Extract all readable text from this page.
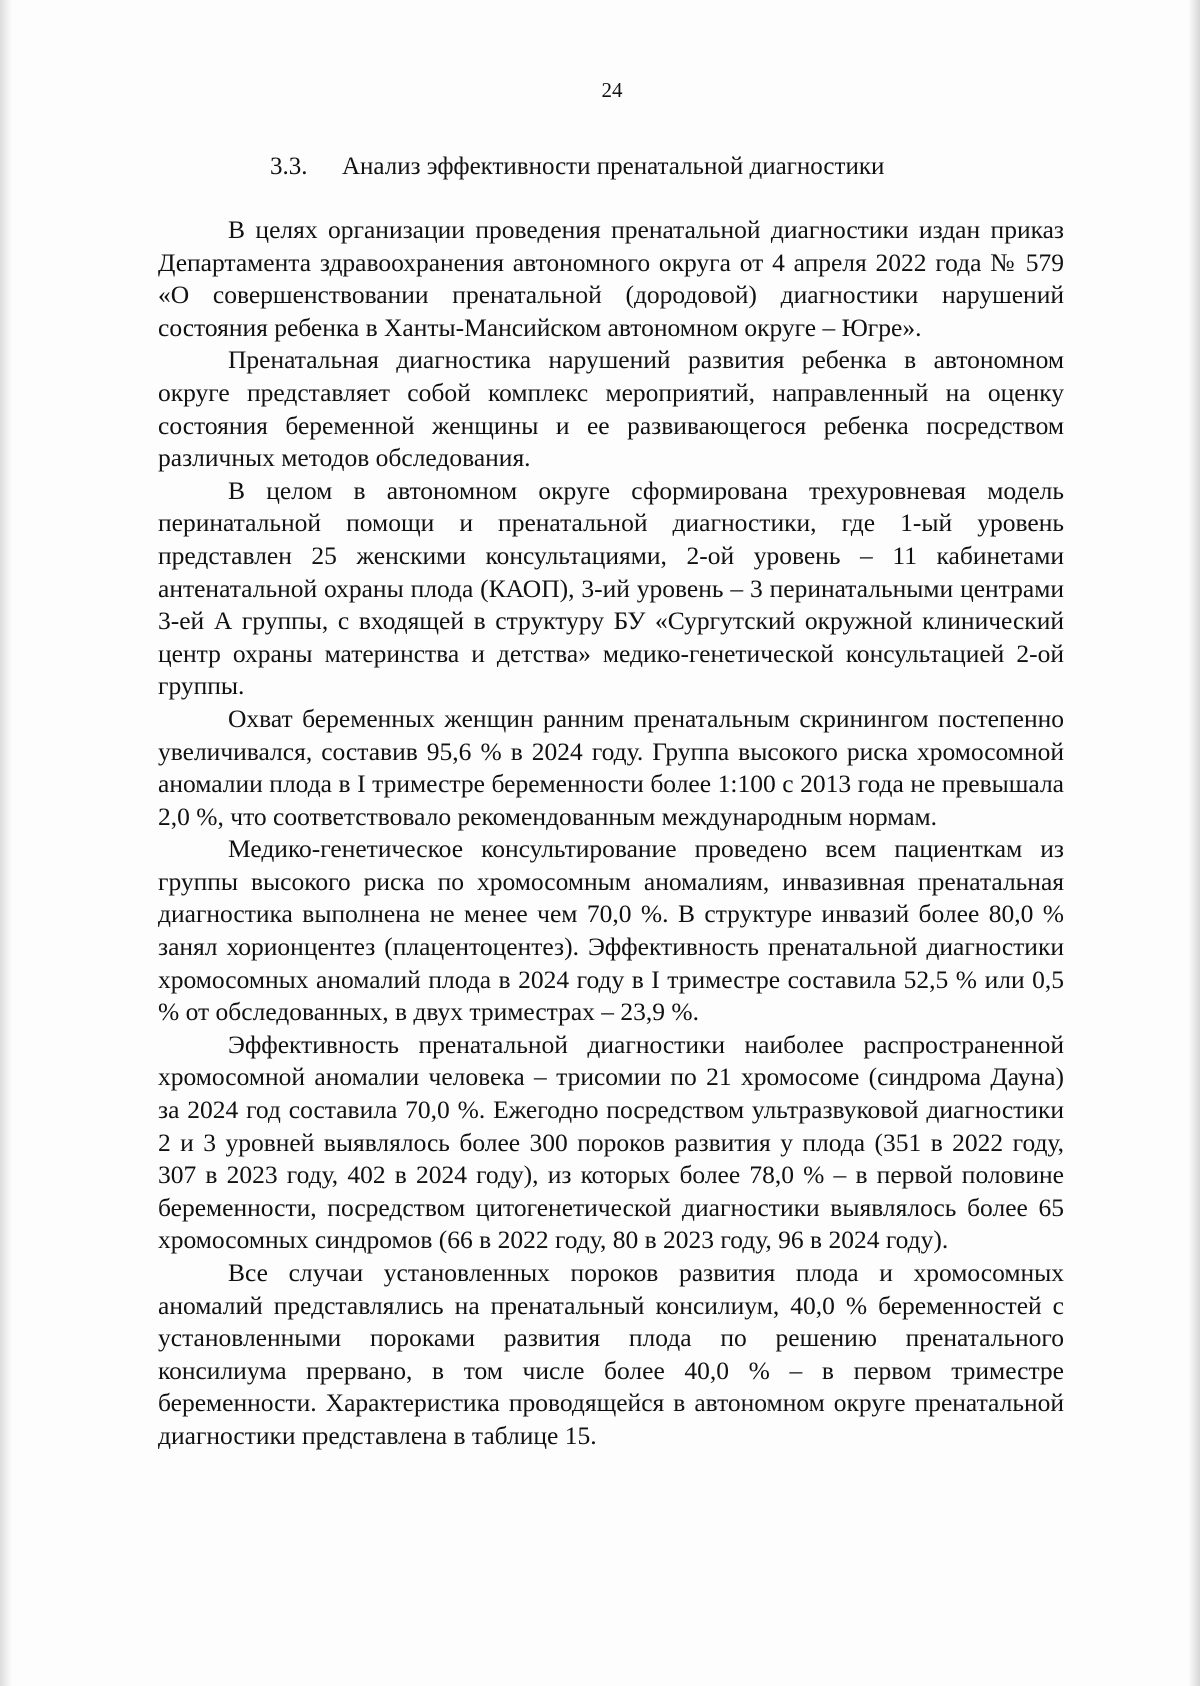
24
3.3. Анализ эффективности пренатальной диагностики

В целях организации проведения пренатальной диагностики издан приказ Департамента здравоохранения автономного округа от 4 апреля 2022 года № 579 «О совершенствовании пренатальной (дородовой) диагностики нарушений состояния ребенка в Ханты-Мансийском автономном округе – Югре».

Пренатальная диагностика нарушений развития ребенка в автономном округе представляет собой комплекс мероприятий, направленный на оценку состояния беременной женщины и ее развивающегося ребенка посредством различных методов обследования.

В целом в автономном округе сформирована трехуровневая модель перинатальной помощи и пренатальной диагностики, где 1-ый уровень представлен 25 женскими консультациями, 2-ой уровень – 11 кабинетами антенатальной охраны плода (КАОП), 3-ий уровень – 3 перинатальными центрами 3-ей А группы, с входящей в структуру БУ «Сургутский окружной клинический центр охраны материнства и детства» медико-генетической консультацией 2-ой группы.

Охват беременных женщин ранним пренатальным скринингом постепенно увеличивался, составив 95,6 % в 2024 году. Группа высокого риска хромосомной аномалии плода в I триместре беременности более 1:100 с 2013 года не превышала 2,0 %, что соответствовало рекомендованным международным нормам.

Медико-генетическое консультирование проведено всем пациенткам из группы высокого риска по хромосомным аномалиям, инвазивная пренатальная диагностика выполнена не менее чем 70,0 %. В структуре инвазий более 80,0 % занял хорионцентез (плацентоцентез). Эффективность пренатальной диагностики хромосомных аномалий плода в 2024 году в I триместре составила 52,5 % или 0,5 % от обследованных, в двух триместрах – 23,9 %.

Эффективность пренатальной диагностики наиболее распространенной хромосомной аномалии человека – трисомии по 21 хромосоме (синдрома Дауна) за 2024 год составила 70,0 %. Ежегодно посредством ультразвуковой диагностики 2 и 3 уровней выявлялось более 300 пороков развития у плода (351 в 2022 году, 307 в 2023 году, 402 в 2024 году), из которых более 78,0 % – в первой половине беременности, посредством цитогенетической диагностики выявлялось более 65 хромосомных синдромов (66 в 2022 году, 80 в 2023 году, 96 в 2024 году).

Все случаи установленных пороков развития плода и хромосомных аномалий представлялись на пренатальный консилиум, 40,0 % беременностей с установленными пороками развития плода по решению пренатального консилиума прервано, в том числе более 40,0 % – в первом триместре беременности. Характеристика проводящейся в автономном округе пренатальной диагностики представлена в таблице 15.
